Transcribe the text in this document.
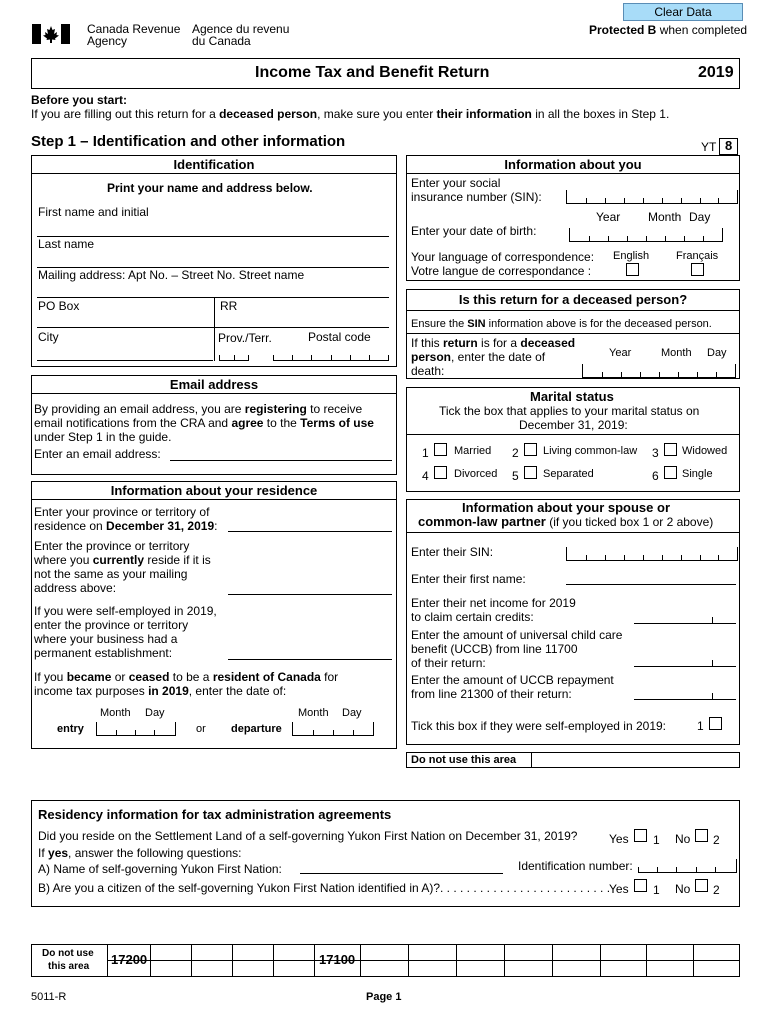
Clear Data
Canada Revenue
Agency
Agence du revenu
du Canada
Protected B when completed
Income Tax and Benefit Return	2019
Before you start:
If you are filling out this return for a deceased person, make sure you enter their information in all the boxes in Step 1.
Step 1 – Identification and other information	YT 8
Identification
Print your name and address below.
First name and initial
Last name
Mailing address: Apt No. – Street No. Street name
PO Box	RR
City	Prov./Terr.	Postal code
Email address
By providing an email address, you are registering to receive
email notifications from the CRA and agree to the Terms of use
under Step 1 in the guide.
Enter an email address:
Information about your residence
Enter your province or territory of
residence on December 31, 2019:
Enter the province or territory
where you currently reside if it is
not the same as your mailing
address above:
If you were self-employed in 2019,
enter the province or territory
where your business had a
permanent establishment:
If you became or ceased to be a resident of Canada for
income tax purposes in 2019, enter the date of:
Month Day
entry	or
Month Day
departure
Information about you
Enter your social
insurance number (SIN):
Year Month Day
Enter your date of birth:
Your language of correspondence:
Votre langue de correspondance :
English Français
Is this return for a deceased person?
Ensure the SIN information above is for the deceased person.
If this return is for a deceased
person, enter the date of
death:
Year	Month Day
Marital status
Tick the box that applies to your marital status on
December 31, 2019:
1 Married 2 Living common-law 3 Widowed
4 Divorced 5 Separated	6 Single
Information about your spouse or
common-law partner (if you ticked box 1 or 2 above)
Enter their SIN:
Enter their first name:
Enter their net income for 2019
to claim certain credits:
Enter the amount of universal child care
benefit (UCCB) from line 11700
of their return:
Enter the amount of UCCB repayment
from line 21300 of their return:
Tick this box if they were self-employed in 2019:	1
Do not use this area
Residency information for tax administration agreements
Did you reside on the Settlement Land of a self-governing Yukon First Nation on December 31, 2019?	Yes 1 No 2
If yes, answer the following questions:
A) Name of self-governing Yukon First Nation:	Identification number:
B) Are you a citizen of the self-governing Yukon First Nation identified in A)?. . . . . . . . . . . . . . . . . . . . . . . . . .
Yes 1 No 2
Do not use
this area 17200	17100
5011-R	Page 1
